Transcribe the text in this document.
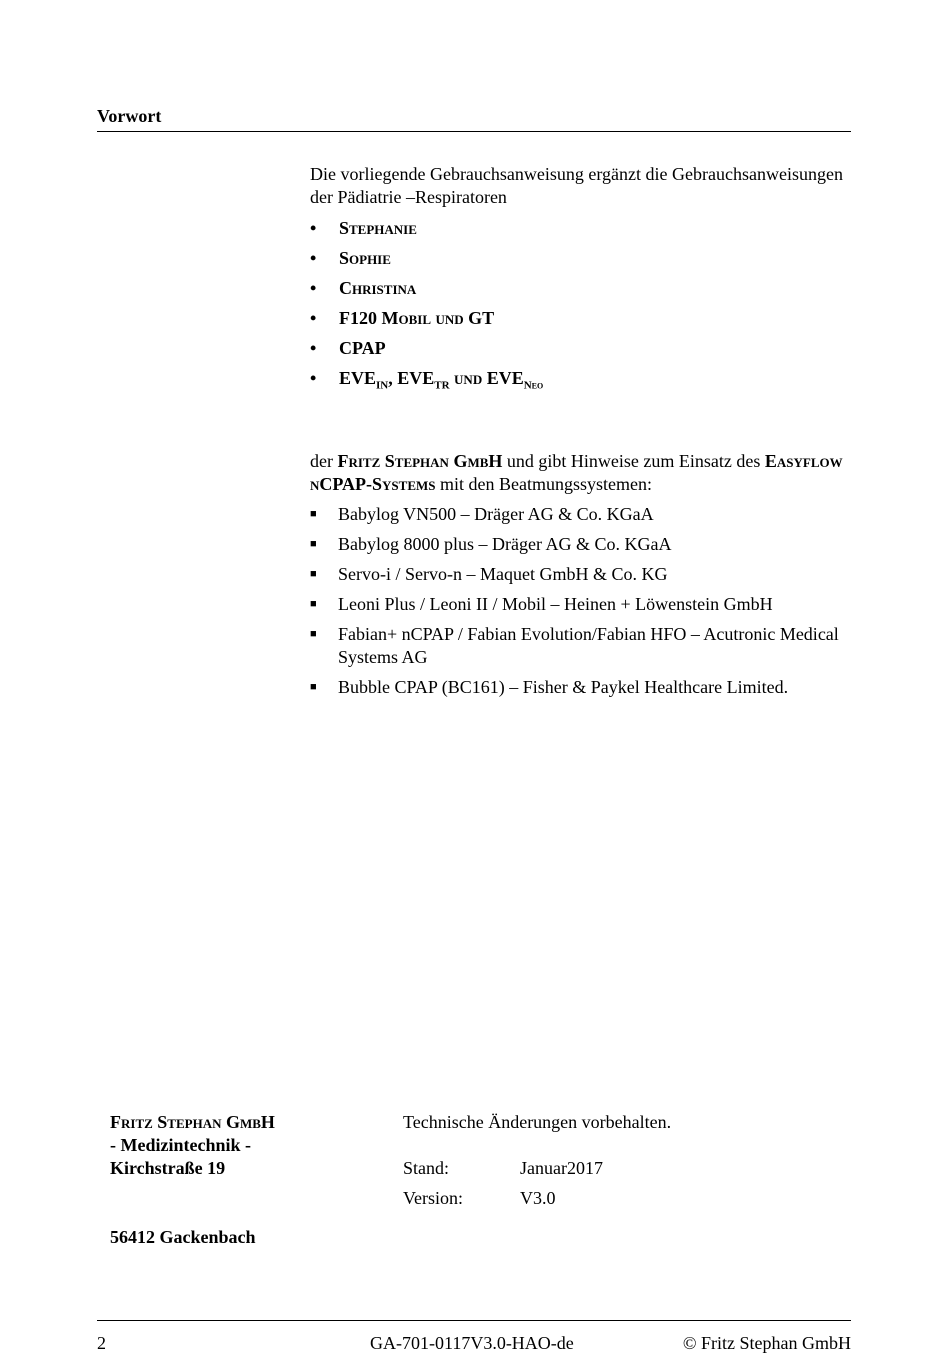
Vorwort

Die vorliegende Gebrauchsanweisung ergänzt die Gebrauchsanweisungen der Pädiatrie –Respiratoren

• Stephanie
• Sophie
• Christina
• F120 Mobil und GT
• CPAP
• $EVE_{IN}$, $EVE_{TR}$ und $EVE_{Neo}$

der Fritz Stephan GmbH und gibt Hinweise zum Einsatz des Easyflow nCPAP-Systems mit den Beatmungssystemen:

■ Babylog VN500 – Dräger AG & Co. KGaA
■ Babylog 8000 plus – Dräger AG & Co. KGaA
■ Servo-i / Servo-n – Maquet GmbH & Co. KG
■ Leoni Plus / Leoni II / Mobil – Heinen + Löwenstein GmbH
■ Fabian+ nCPAP / Fabian Evolution/Fabian HFO – Acutronic Medical Systems AG
■ Bubble CPAP (BC161) – Fisher & Paykel Healthcare Limited.
Fritz Stephan GmbH
- Medizintechnik -
Kirchstraße 19
56412 Gackenbach
Technische Änderungen vorbehalten.
Stand:	Januar2017
Version:	V3.0
2	GA-701-0117V3.0-HAO-de	© Fritz Stephan GmbH
